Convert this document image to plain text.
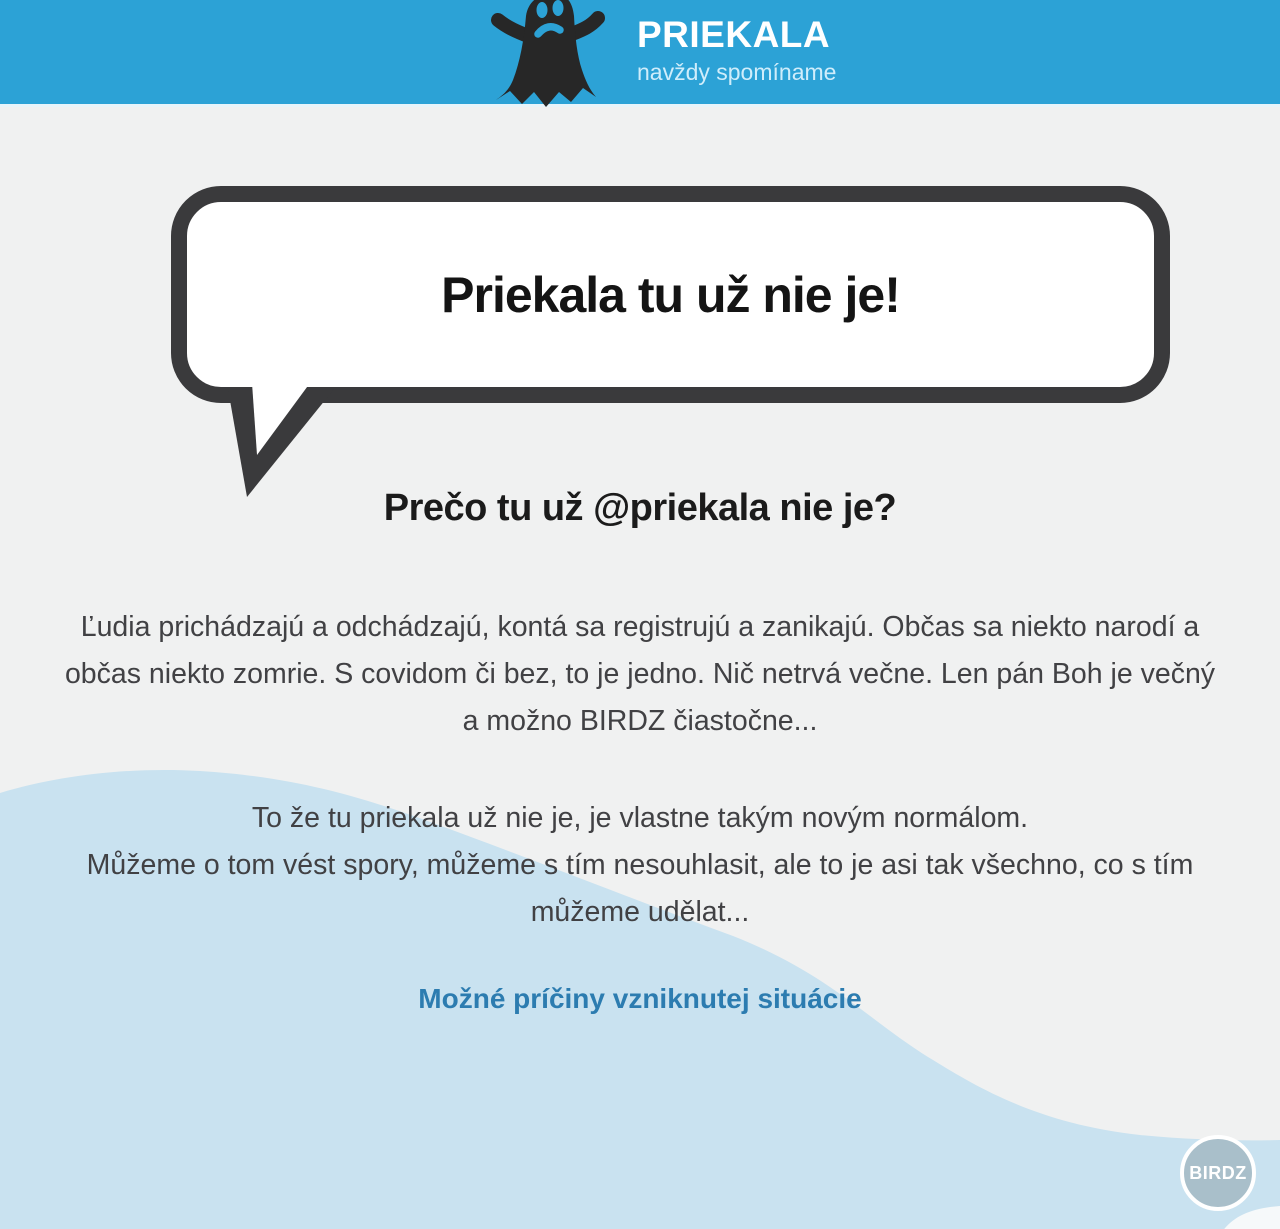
PRIEKALA
navždy spomíname
Priekala tu už nie je!
Prečo tu už @priekala nie je?

Ľudia prichádzajú a odchádzajú, kontá sa registrujú a zanikajú. Občas sa niekto narodí a občas niekto zomrie. S covidom či bez, to je jedno. Nič netrvá večne. Len pán Boh je večný a možno BIRDZ čiastočne...

To že tu priekala už nie je, je vlastne takým novým normálom.
Můžeme o tom vést spory, můžeme s tím nesouhlasit, ale to je asi tak všechno, co s tím můžeme udělat...

Možné príčiny vzniknutej situácie
BIRDZ
